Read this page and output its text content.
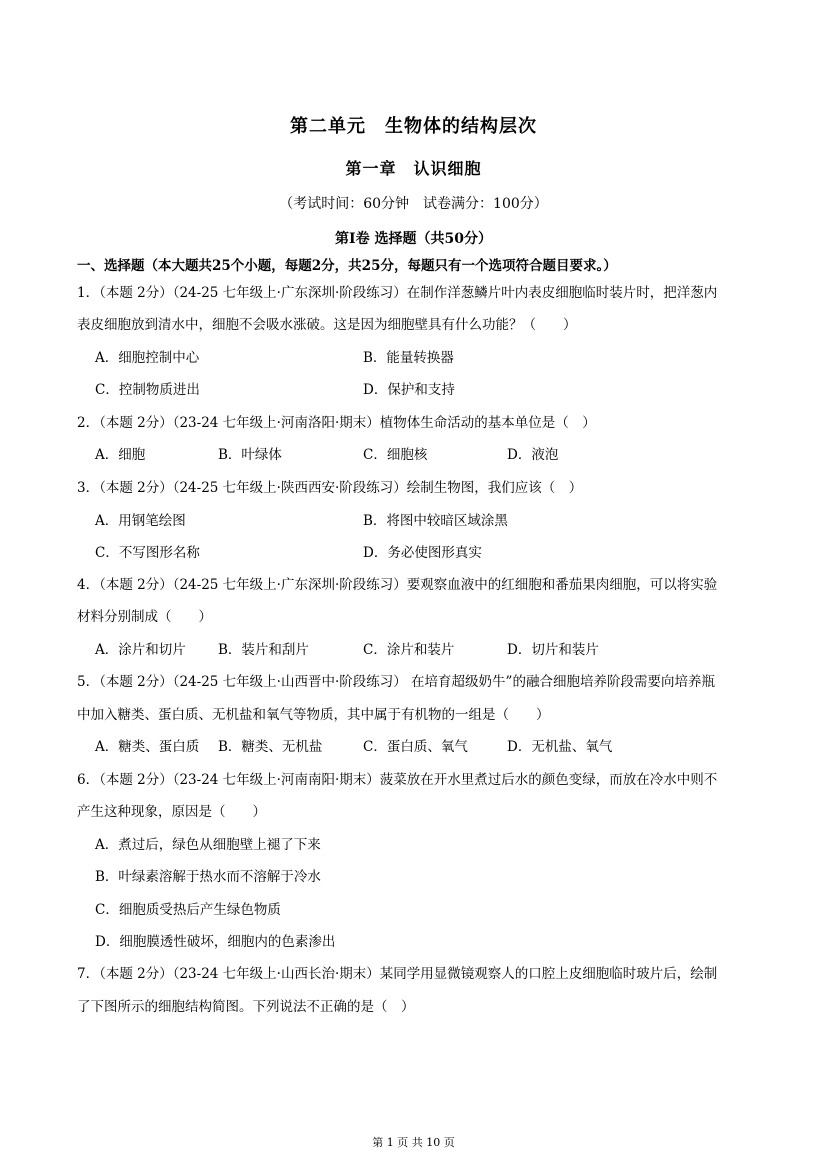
第二单元　生物体的结构层次
第一章　认识细胞
（考试时间：60分钟　试卷满分：100分）
第Ⅰ卷 选择题（共50分）
一、选择题（本大题共25个小题，每题2分，共25分，每题只有一个选项符合题目要求。）
1．（本题 2分）（24-25 七年级上·广东深圳·阶段练习）在制作洋葱鳞片叶内表皮细胞临时装片时，把洋葱内
表皮细胞放到清水中，细胞不会吸水涨破。这是因为细胞壁具有什么功能？（　　）
A．细胞控制中心	B．能量转换器
C．控制物质进出	D．保护和支持
2．（本题 2分）（23-24 七年级上·河南洛阳·期末）植物体生命活动的基本单位是（　）
A．细胞	B．叶绿体	C．细胞核	D．液泡
3．（本题 2分）（24-25 七年级上·陕西西安·阶段练习）绘制生物图，我们应该（　）
A．用钢笔绘图	B．将图中较暗区域涂黑
C．不写图形名称	D．务必使图形真实
4．（本题 2分）（24-25 七年级上·广东深圳·阶段练习）要观察血液中的红细胞和番茄果肉细胞，可以将实验
材料分别制成（　　）
A．涂片和切片 B．装片和刮片	C．涂片和装片	D．切片和装片
5．（本题 2分）（24-25 七年级上·山西晋中·阶段练习） 在培育超级奶牛”的融合细胞培养阶段需要向培养瓶
中加入糖类、蛋白质、无机盐和氧气等物质，其中属于有机物的一组是（　　）
A．糖类、蛋白质 B．糖类、无机盐	C．蛋白质、氧气	D．无机盐、氧气
6．（本题 2分）（23-24 七年级上·河南南阳·期末）菠菜放在开水里煮过后水的颜色变绿，而放在冷水中则不
产生这种现象，原因是（　　）
A．煮过后，绿色从细胞壁上褪了下来
B．叶绿素溶解于热水而不溶解于冷水
C．细胞质受热后产生绿色物质
D．细胞膜透性破坏，细胞内的色素渗出
7．（本题 2分）（23-24 七年级上·山西长治·期末）某同学用显微镜观察人的口腔上皮细胞临时玻片后，绘制
了下图所示的细胞结构简图。下列说法不正确的是（　）
第 1 页 共 10 页
